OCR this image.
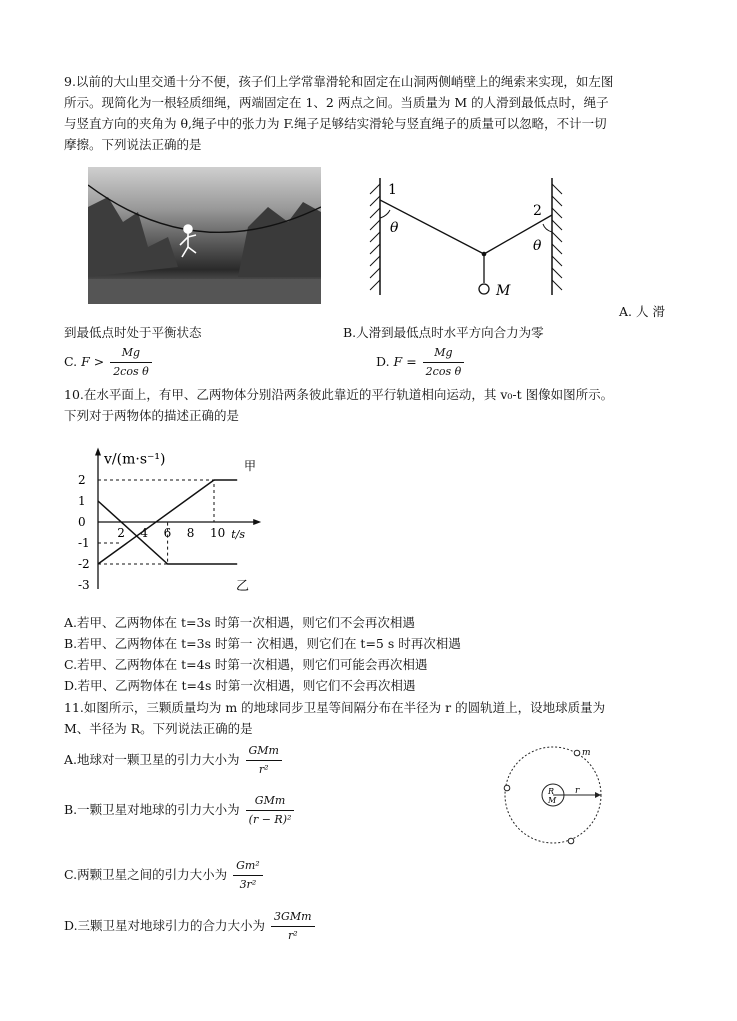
9.以前的大山里交通十分不便，孩子们上学常靠滑轮和固定在山洞两侧峭壁上的绳索来实现，如左图
所示。现简化为一根轻质细绳，两端固定在 1、2 两点之间。当质量为 M 的人滑到最低点时，绳子
与竖直方向的夹角为 θ,绳子中的张力为 F.绳子足够结实滑轮与竖直绳子的质量可以忽略，不计一切
摩擦。下列说法正确的是
1
2
θ
θ
M
A. 人 滑
到最低点时处于平衡状态	B.人滑到最低点时水平方向合力为零
C. $F > \frac{Mg}{\text{2cos θ}}$	D. $F = \frac{Mg}{\text{2cos θ}}$
10.在水平面上，有甲、乙两物体分别沿两条彼此靠近的平行轨道相向运动，其 v₀-t 图像如图所示。
下列对于两物体的描述正确的是
v/(m·s⁻¹)
t/s
2 4 6 8 10
2
1
0
-1
-2
-3
甲
乙
A.若甲、乙两物体在 t=3s 时第一次相遇，则它们不会再次相遇
B.若甲、乙两物体在 t=3s 时第一 次相遇，则它们在 t=5 s 时再次相遇
C.若甲、乙两物体在 t=4s 时第一次相遇，则它们可能会再次相遇
D.若甲、乙两物体在 t=4s 时第一次相遇，则它们不会再次相遇
11.如图所示，三颗质量均为 m 的地球同步卫星等间隔分布在半径为 r 的圆轨道上，设地球质量为
M、半径为 R。下列说法正确的是
A.地球对一颗卫星的引力大小为 $\frac{\text{GMm}}{\text{r²}}$
B.一颗卫星对地球的引力大小为 $\frac{\text{GMm}}{\text{(r − R)²}}$
C.两颗卫星之间的引力大小为 $\frac{\text{Gm²}}{\text{3r²}}$
D.三颗卫星对地球引力的合力大小为 $\frac{\text{3GMm}}{\text{r²}}$
m
R
M
r
